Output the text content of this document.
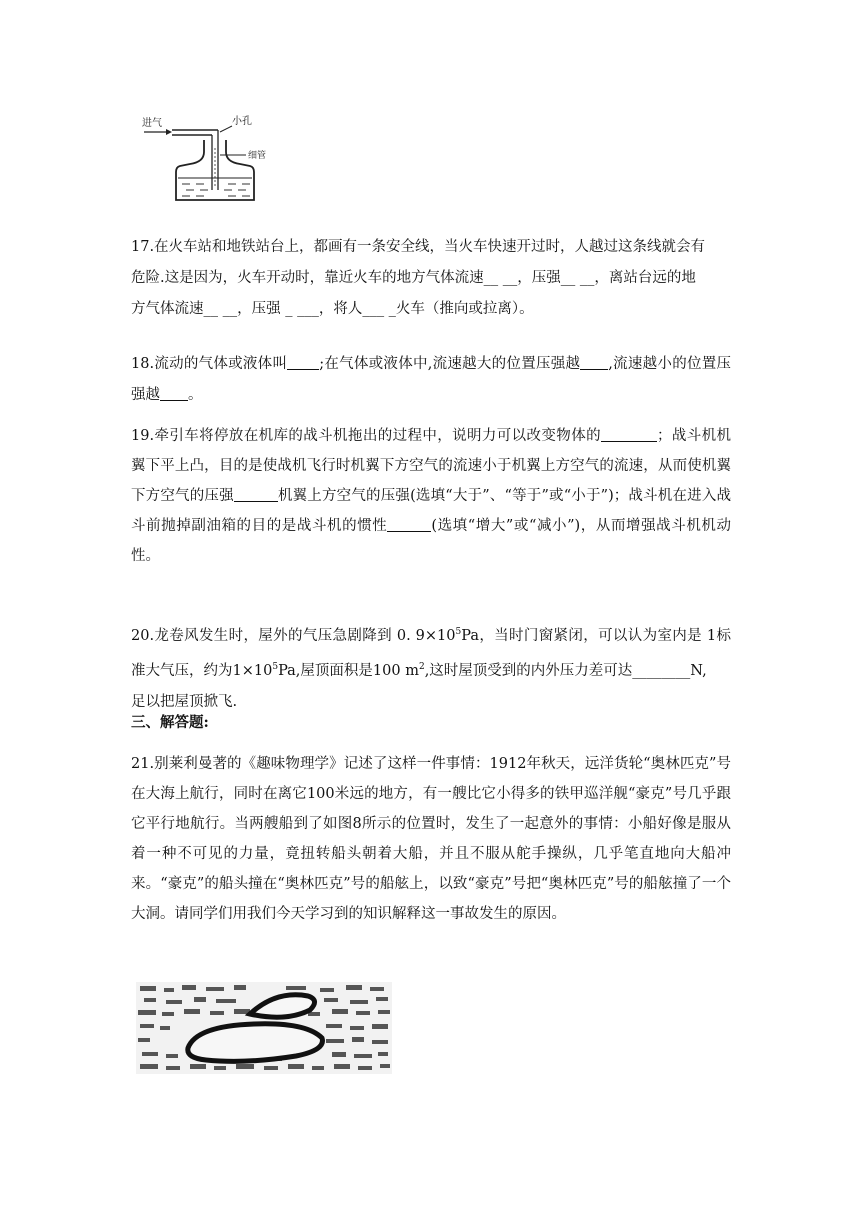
进气	小孔
细管

17.在火车站和地铁站台上，都画有一条安全线，当火车快速开过时，人越过这条线就会有

危险.这是因为，火车开动时，靠近火车的地方气体流速__ __，压强__ __，离站台远的地

方气体流速__ __，压强 _ ___，将人___ _火车（推向或拉离）。

18.流动的气体或液体叫 ;在气体或液体中,流速越大的位置压强越 ,流速越小的位置压强越 。
19.牵引车将停放在机库的战斗机拖出的过程中，说明力可以改变物体的	；战斗机机翼下平上凸，目的是使战机飞行时机翼下方空气的流速小于机翼上方空气的流速，从而使机翼下方空气的压强	机翼上方空气的压强(选填“大于”、“等于”或“小于”)；战斗机在进入战斗前抛掉副油箱的目的是战斗机的惯性	(选填“增大”或“减小”)，从而增强战斗机机动性。
20.龙卷风发生时，屋外的气压急剧降到 0. $9\times 10^5Pa$，当时门窗紧闭，可以认为室内是 1标准大气压，约为$1\times 10^5Pa$,屋顶面积是100 $m^2$,这时屋顶受到的内外压力差可达________N,
足以把屋顶掀飞.
三、解答题:
21.别莱利曼著的《趣味物理学》记述了这样一件事情：1912年秋天，远洋货轮“奥林匹克”号在大海上航行，同时在离它100米远的地方，有一艘比它小得多的铁甲巡洋舰“豪克”号几乎跟它平行地航行。当两艘船到了如图8所示的位置时，发生了一起意外的事情：小船好像是服从着一种不可见的力量，竟扭转船头朝着大船，并且不服从舵手操纵，几乎笔直地向大船冲来。“豪克”的船头撞在“奥林匹克”号的船舷上，以致“豪克”号把“奥林匹克”号的船舷撞了一个大洞。请同学们用我们今天学习到的知识解释这一事故发生的原因。
